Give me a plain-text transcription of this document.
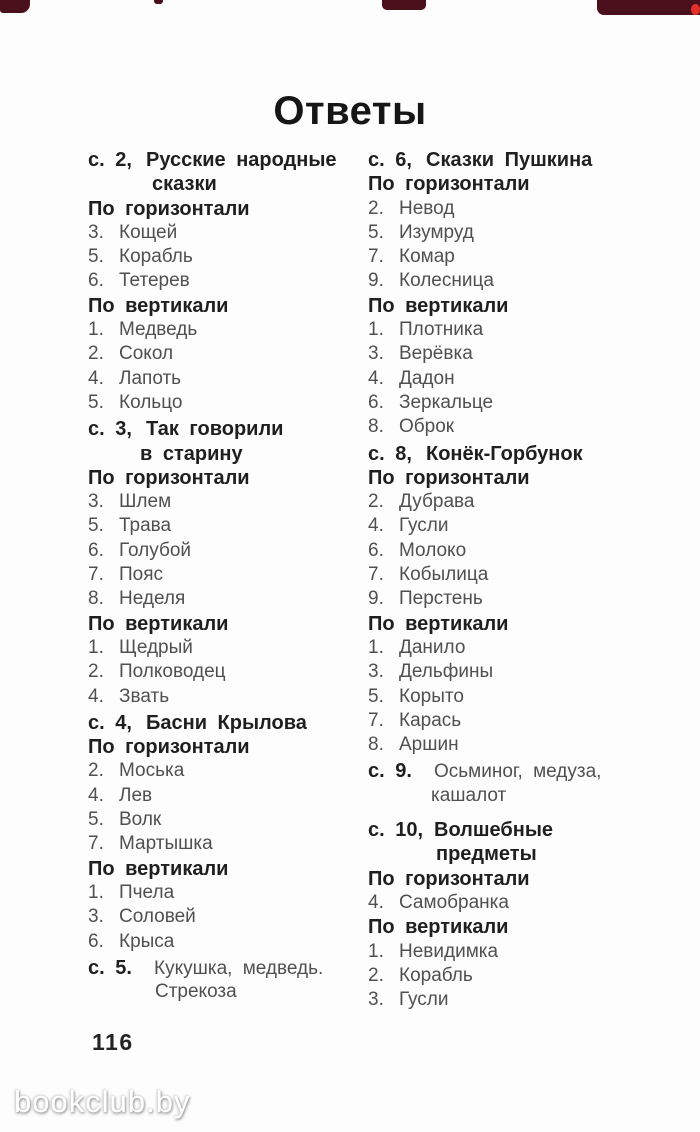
Ответы
с. 2, Русские народные
сказки
По горизонтали
3. Кощей
5. Корабль
6. Тетерев
По вертикали
1. Медведь
2. Сокол
4. Лапоть
5. Кольцо
с. 3, Так говорили
в старину
По горизонтали
3. Шлем
5. Трава
6. Голубой
7. Пояс
8. Неделя
По вертикали
1. Щедрый
2. Полководец
4. Звать
с. 4, Басни Крылова
По горизонтали
2. Моська
4. Лев
5. Волк
7. Мартышка
По вертикали
1. Пчела
3. Соловей
6. Крыса
с. 5. Кукушка, медведь.
Стрекоза
с. 6, Сказки Пушкина
По горизонтали
2. Невод
5. Изумруд
7. Комар
9. Колесница
По вертикали
1. Плотника
3. Верёвка
4. Дадон
6. Зеркальце
8. Оброк
с. 8, Конёк-Горбунок
По горизонтали
2. Дубрава
4. Гусли
6. Молоко
7. Кобылица
9. Перстень
По вертикали
1. Данило
3. Дельфины
5. Корыто
7. Карась
8. Аршин
с. 9. Осьминог, медуза,
кашалот
с. 10, Волшебные
предметы
По горизонтали
4. Самобранка
По вертикали
1. Невидимка
2. Корабль
3. Гусли
116
bookclub.by
